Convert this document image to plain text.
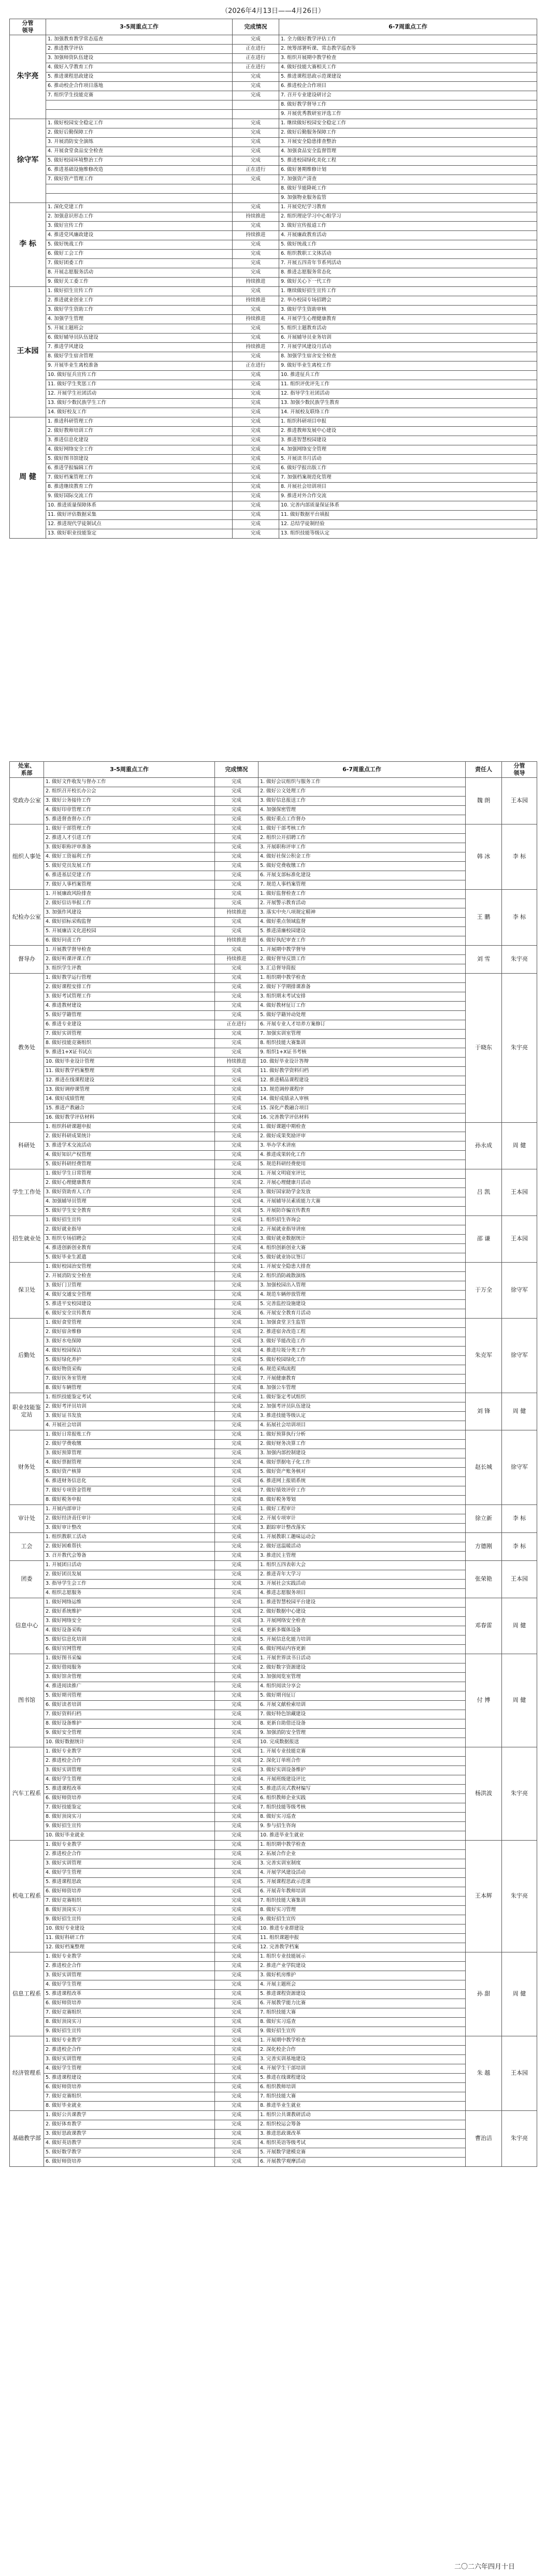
（2026年4月13日——4月26日）
分管
领导	3-5周重点工作	完成情况	6-7周重点工作
朱宇亮	1. 加强教育教学常态巡查	完成	1. 全力做好教学评估工作
	2. 推进教学评估	正在进行	2. 统筹部署听课、常态教学巡查等
	3. 加强师资队伍建设	正在进行	3. 组织开展期中教学检查
	4. 做好入学教育工作	正在进行	4. 做好技能大赛相关工作
	5. 推进课程思政建设	完成	5. 推进课程思政示范课建设
	6. 推动校企合作项目落地	完成	6. 推进校企合作项目
	7. 组织学生技能竞赛	完成	7. 召开专业建设研讨会
			8. 做好教学督导工作
			9. 开展优秀教研室评选工作
徐守军	1. 做好校园安全稳定工作	完成	1. 继续做好校园安全稳定工作
	2. 做好后勤保障工作	完成	2. 做好后勤服务保障工作
	3. 开展消防安全演练	完成	3. 开展安全隐患排查整治
	4. 开展食堂食品安全检查	完成	4. 加强食品安全监督管理
	5. 做好校园环境整治工作	完成	5. 推进校园绿化美化工程
	6. 推进基础设施维修改造	正在进行	6. 做好暑期维修计划
	7. 做好资产管理工作	完成	7. 加强资产清查
			8. 做好节能降耗工作
			9. 加强物业服务监管
李 标	1. 深化党建工作	完成	1. 开展党纪学习教育
	2. 加强意识形态工作	持续推进	2. 组织理论学习中心组学习
	3. 做好宣传工作	完成	3. 做好宣传报道工作
	4. 推进党风廉政建设	持续推进	4. 开展廉政教育活动
	5. 做好统战工作	完成	5. 做好统战工作
	6. 做好工会工作	完成	6. 组织教职工文体活动
	7. 做好团委工作	完成	7. 开展五四青年节系列活动
	8. 开展志愿服务活动	完成	8. 推进志愿服务常态化
	9. 做好关工委工作	持续推进	9. 做好关心下一代工作
王本园	1. 做好招生宣传工作	完成	1. 继续做好招生宣传工作
	2. 推进就业创业工作	持续推进	2. 举办校园专场招聘会
	3. 做好学生资助工作	完成	3. 做好学生资助审核
	4. 加强学生管理	持续推进	4. 开展学生心理健康教育
	5. 开展主题班会	完成	5. 组织主题教育活动
	6. 做好辅导员队伍建设	完成	6. 开展辅导员业务培训
	7. 推进学风建设	持续推进	7. 开展学风建设月活动
	8. 做好学生宿舍管理	完成	8. 加强学生宿舍安全检查
	9. 开展毕业生离校准备	正在进行	9. 做好毕业生离校工作
	10. 做好征兵宣传工作	完成	10. 推进征兵工作
	11. 做好学生奖惩工作	完成	11. 组织评优评先工作
	12. 开展学生社团活动	完成	12. 指导学生社团活动
	13. 做好少数民族学生工作	完成	13. 加强少数民族学生教育
	14. 做好校友工作	完成	14. 开展校友联络工作
周 健	1. 推进科研管理工作	完成	1. 组织科研项目申报
	2. 做好教师培训工作	完成	2. 推进教师发展中心建设
	3. 推进信息化建设	完成	3. 推进智慧校园建设
	4. 做好网络安全工作	完成	4. 加强网络安全管理
	5. 做好图书馆建设	完成	5. 开展读书月活动
	6. 推进学报编辑工作	完成	6. 做好学报出版工作
	7. 做好档案管理工作	完成	7. 加强档案规范化管理
	8. 推进继续教育工作	完成	8. 开展社会培训项目
	9. 做好国际交流工作	完成	9. 推进对外合作交流
	10. 推进质量保障体系	完成	10. 完善内部质量保证体系
	11. 做好评估数据采集	完成	11. 做好数据平台填报
	12. 推进现代学徒制试点	完成	12. 总结学徒制经验
	13. 做好职业技能鉴定	完成	13. 组织技能等级认定
处室、
系部	3-5周重点工作	完成情况	6-7周重点工作	责任人	分管
领导
党政办公室	1. 做好文件收发与督办工作	完成	1. 做好会议组织与服务工作	魏 朗	王本园
	2. 组织召开校长办公会	完成	2. 做好公文处理工作		
	3. 做好公务接待工作	完成	3. 做好信息报送工作		
	4. 做好印章管理工作	完成	4. 加强保密管理		
	5. 推进督查督办工作	完成	5. 做好重点工作督办		
组织人事处	1. 做好干部管理工作	完成	1. 做好干部考核工作	韩 冰	李 标
	2. 推进人才引进工作	完成	2. 组织公开招聘工作		
	3. 做好职称评审准备	完成	3. 开展职称评审工作		
	4. 做好工资福利工作	完成	4. 做好社保公积金工作		
	5. 做好党员发展工作	完成	5. 做好党费收缴工作		
	6. 推进基层党建工作	完成	6. 开展支部标准化建设		
	7. 做好人事档案管理	完成	7. 规范人事档案管理		
纪检办公室	1. 开展廉政风险排查	完成	1. 做好监督检查工作	王 鹏	李 标
	2. 做好信访举报工作	完成	2. 开展警示教育活动		
	3. 加强作风建设	持续推进	3. 落实中央八项规定精神		
	4. 做好招标采购监督	完成	4. 做好重点领域监督		
	5. 开展廉洁文化进校园	完成	5. 推进清廉校园建设		
	6. 做好问责工作	持续推进	6. 做好执纪审查工作		
督导办	1. 开展教学督导检查	完成	1. 开展期中教学督导	刘 雪	朱宇亮
	2. 做好听课评课工作	持续推进	2. 做好督导反馈工作		
	3. 组织学生评教	完成	3. 汇总督导简报		
教务处	1. 做好教学运行管理	完成	1. 组织期中教学检查	于晓东	朱宇亮
	2. 做好课程安排工作	完成	2. 做好下学期排课准备		
	3. 做好考试管理工作	完成	3. 组织期末考试安排		
	4. 推进教材建设	完成	4. 做好教材征订工作		
	5. 做好学籍管理	完成	5. 做好学籍异动处理		
	6. 推进专业建设	正在进行	6. 开展专业人才培养方案修订		
	7. 做好实训管理	完成	7. 加强实训室管理		
	8. 做好技能竞赛组织	完成	8. 组织技能大赛集训		
	9. 推进1+X证书试点	完成	9. 组织1+X证书考核		
	10. 做好毕业设计管理	持续推进	10. 做好毕业设计答辩		
	11. 做好教学档案整理	完成	11. 做好教学资料归档		
	12. 推进在线课程建设	完成	12. 推进精品课程建设		
	13. 做好调停课管理	完成	13. 规范调停课程序		
	14. 做好成绩管理	完成	14. 做好成绩录入审核		
	15. 推进产教融合	完成	15. 深化产教融合项目		
	16. 做好教学评估材料	完成	16. 完善教学评估材料		
科研处	1. 组织科研课题申报	完成	1. 做好课题中期检查	孙永成	周 健
	2. 做好科研成果统计	完成	2. 做好成果奖励评审		
	3. 推进学术交流活动	完成	3. 举办学术讲座		
	4. 做好知识产权管理	完成	4. 推进成果转化工作		
	5. 做好科研经费管理	完成	5. 规范科研经费使用		
学生工作处	1. 做好学生日常管理	完成	1. 开展文明寝室评比	吕 凯	王本园
	2. 做好心理健康教育	完成	2. 开展心理健康月活动		
	3. 做好资助育人工作	完成	3. 做好国家助学金发放		
	4. 加强辅导员管理	完成	4. 开展辅导员素质能力大赛		
	5. 做好学生安全教育	完成	5. 开展防诈骗宣传教育		
招生就业处	1. 做好招生宣传	完成	1. 组织招生咨询会	邵 谦	王本园
	2. 做好就业指导	完成	2. 开展就业指导讲座		
	3. 组织专场招聘会	完成	3. 做好就业数据统计		
	4. 推进创新创业教育	完成	4. 组织创新创业大赛		
	5. 做好毕业生派遣	完成	5. 做好就业协议签订		
保卫处	1. 做好校园治安管理	完成	1. 开展安全隐患大排查	于万全	徐守军
	2. 开展消防安全检查	完成	2. 组织消防疏散演练		
	3. 做好门卫管理	完成	3. 加强校园出入管理		
	4. 做好交通安全管理	完成	4. 规范车辆停放管理		
	5. 推进平安校园建设	完成	5. 完善监控设施建设		
	6. 做好安全宣传教育	完成	6. 开展安全教育月活动		
后勤处	1. 做好食堂管理	完成	1. 加强食堂卫生监管	朱克军	徐守军
	2. 做好宿舍维修	完成	2. 推进宿舍改造工程		
	3. 做好水电保障	完成	3. 做好节能改造工作		
	4. 做好校园保洁	完成	4. 推进垃圾分类工作		
	5. 做好绿化养护	完成	5. 做好校园绿化工作		
	6. 做好物资采购	完成	6. 规范采购流程		
	7. 做好医务室管理	完成	7. 开展健康教育		
	8. 做好车辆管理	完成	8. 加强公车管理		
职业技能鉴定站	1. 组织技能鉴定考试	完成	1. 做好鉴定考试组织	刘 锋	周 健
	2. 做好考评员培训	完成	2. 加强考评员队伍建设		
	3. 做好证书发放	完成	3. 推进技能等级认定		
	4. 开展社会培训	完成	4. 拓展社会培训项目		
财务处	1. 做好日常报账工作	完成	1. 做好预算执行分析	赵长城	徐守军
	2. 做好学费收缴	完成	2. 做好财务决算工作		
	3. 做好预算管理	完成	3. 加强内部控制建设		
	4. 做好票据管理	完成	4. 做好票据电子化工作		
	5. 做好资产核算	完成	5. 做好资产账务核对		
	6. 推进财务信息化	完成	6. 推进网上报销系统		
	7. 做好专项资金管理	完成	7. 做好绩效评价工作		
	8. 做好税务申报	完成	8. 做好税务筹划		
审计处	1. 开展内部审计	完成	1. 做好工程审计	徐立新	李 标
	2. 做好经济责任审计	完成	2. 开展专项审计		
	3. 做好审计整改	完成	3. 跟踪审计整改落实		
工会	1. 组织教职工活动	完成	1. 开展教职工趣味运动会	方德刚	李 标
	2. 做好困难帮扶	完成	2. 做好送温暖活动		
	3. 召开教代会筹备	完成	3. 推进民主管理		
团委	1. 开展团日活动	完成	1. 组织五四表彰大会	张荣艳	王本园
	2. 做好团员发展	完成	2. 推进青年大学习		
	3. 指导学生会工作	完成	3. 开展社会实践活动		
	4. 组织志愿服务	完成	4. 推进志愿服务项目		
信息中心	1. 做好网络运维	完成	1. 推进智慧校园平台建设	邓春雷	周 健
	2. 做好系统维护	完成	2. 做好数据中心建设		
	3. 做好网络安全	完成	3. 开展网络安全检查		
	4. 做好设备采购	完成	4. 更新多媒体设备		
	5. 做好信息化培训	完成	5. 开展信息化能力培训		
	6. 做好官网管理	完成	6. 做好网站内容更新		
图书馆	1. 做好图书采编	完成	1. 开展世界读书日活动	付 博	周 健
	2. 做好借阅服务	完成	2. 做好数字资源建设		
	3. 做好馆舍管理	完成	3. 加强阅览室管理		
	4. 推进阅读推广	完成	4. 组织阅读分享会		
	5. 做好期刊管理	完成	5. 做好期刊征订		
	6. 做好读者培训	完成	6. 开展文献检索培训		
	7. 做好资料归档	完成	7. 做好特色馆藏建设		
	8. 做好设备维护	完成	8. 更新自助借还设备		
	9. 做好安全管理	完成	9. 加强消防安全管理		
	10. 做好数据统计	完成	10. 完成数据报送		
汽车工程系	1. 做好专业教学	完成	1. 开展专业技能竞赛	杨洪波	朱宇亮
	2. 推进校企合作	完成	2. 深化订单班合作		
	3. 做好实训管理	完成	3. 做好实训设备维护		
	4. 做好学生管理	完成	4. 开展班级建设评比		
	5. 推进课程改革	完成	5. 推进活页式教材编写		
	6. 做好师资培养	完成	6. 组织教师企业实践		
	7. 做好技能鉴定	完成	7. 组织技能等级考核		
	8. 做好顶岗实习	完成	8. 做好实习巡查		
	9. 做好招生宣传	完成	9. 参与招生咨询		
	10. 做好毕业就业	完成	10. 推进毕业生就业		
机电工程系	1. 做好专业教学	完成	1. 组织期中教学检查	王本辉	朱宇亮
	2. 推进校企合作	完成	2. 拓展合作企业		
	3. 做好实训管理	完成	3. 完善实训室制度		
	4. 做好学生管理	完成	4. 开展学风建设活动		
	5. 推进课程思政	完成	5. 开展课程思政示范课		
	6. 做好师资培养	完成	6. 开展青年教师培训		
	7. 做好竞赛组织	完成	7. 组织技能大赛集训		
	8. 做好顶岗实习	完成	8. 做好实习管理		
	9. 做好招生宣传	完成	9. 做好招生宣传		
	10. 做好专业建设	完成	10. 推进专业群建设		
	11. 做好科研工作	完成	11. 组织课题申报		
	12. 做好档案整理	完成	12. 完善教学档案		
信息工程系	1. 做好专业教学	完成	1. 组织专业技能展示	孙 甜	周 健
	2. 推进校企合作	完成	2. 推进产业学院建设		
	3. 做好实训管理	完成	3. 做好机房维护		
	4. 做好学生管理	完成	4. 开展主题班会		
	5. 推进课程改革	完成	5. 推进课程资源建设		
	6. 做好师资培养	完成	6. 开展教学能力比赛		
	7. 做好竞赛组织	完成	7. 组织技能大赛		
	8. 做好顶岗实习	完成	8. 做好实习巡查		
	9. 做好招生宣传	完成	9. 做好招生宣传		
经济管理系	1. 做好专业教学	完成	1. 开展期中教学检查	朱 越	王本园
	2. 推进校企合作	完成	2. 深化校企合作		
	3. 做好实训管理	完成	3. 完善实训基地建设		
	4. 做好学生管理	完成	4. 开展学生干部培训		
	5. 推进课程建设	完成	5. 推进在线课程建设		
	6. 做好师资培养	完成	6. 组织教师培训		
	7. 做好竞赛组织	完成	7. 组织技能大赛		
	8. 做好毕业就业	完成	8. 推进毕业生就业		
基础教学部	1. 做好公共课教学	完成	1. 组织公共课教研活动	曹治洁	朱宇亮
	2. 做好体育教学	完成	2. 组织校运会筹备		
	3. 做好思政课教学	完成	3. 推进思政课改革		
	4. 做好英语教学	完成	4. 组织英语等级考试		
	5. 做好数学教学	完成	5. 开展数学建模竞赛		
	6. 做好师资培养	完成	6. 开展教学观摩活动		
二〇二六年四月十日
